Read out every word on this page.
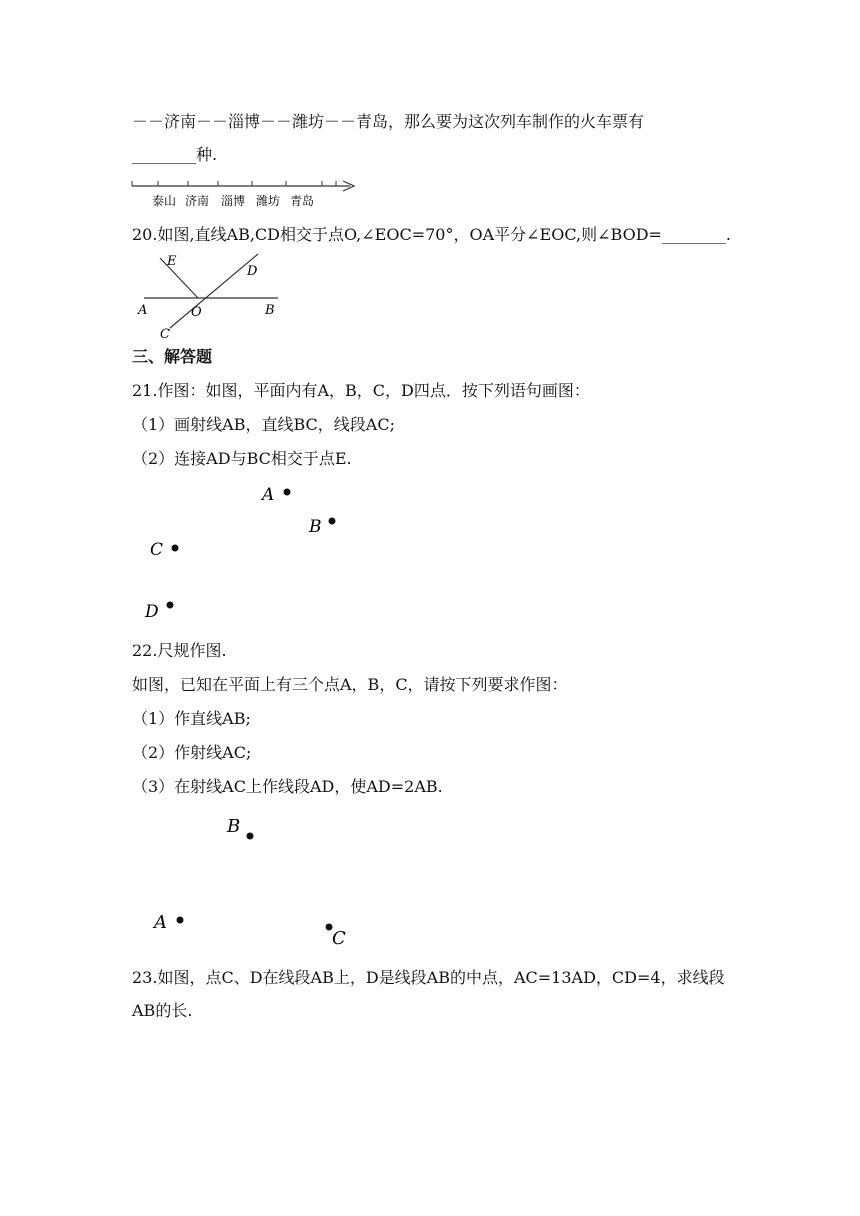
－－济南－－淄博－－潍坊－－青岛，那么要为这次列车制作的火车票有
________种.
泰山 济南 淄博 潍坊 青岛
20.如图,直线AB,CD相交于点O,∠EOC=70°，OA平分∠EOC,则∠BOD=________.
E
D
A	O	B
C
三、解答题
21.作图：如图，平面内有A，B，C，D四点．按下列语句画图：
（1）画射线AB，直线BC，线段AC;
（2）连接AD与BC相交于点E.
A
B
C
D
22.尺规作图.
如图，已知在平面上有三个点A，B，C，请按下列要求作图：
（1）作直线AB;
（2）作射线AC;
（3）在射线AC上作线段AD，使AD=2AB.
B
A
C
23.如图，点C、D在线段AB上，D是线段AB的中点，AC=13AD，CD=4，求线段
AB的长.
